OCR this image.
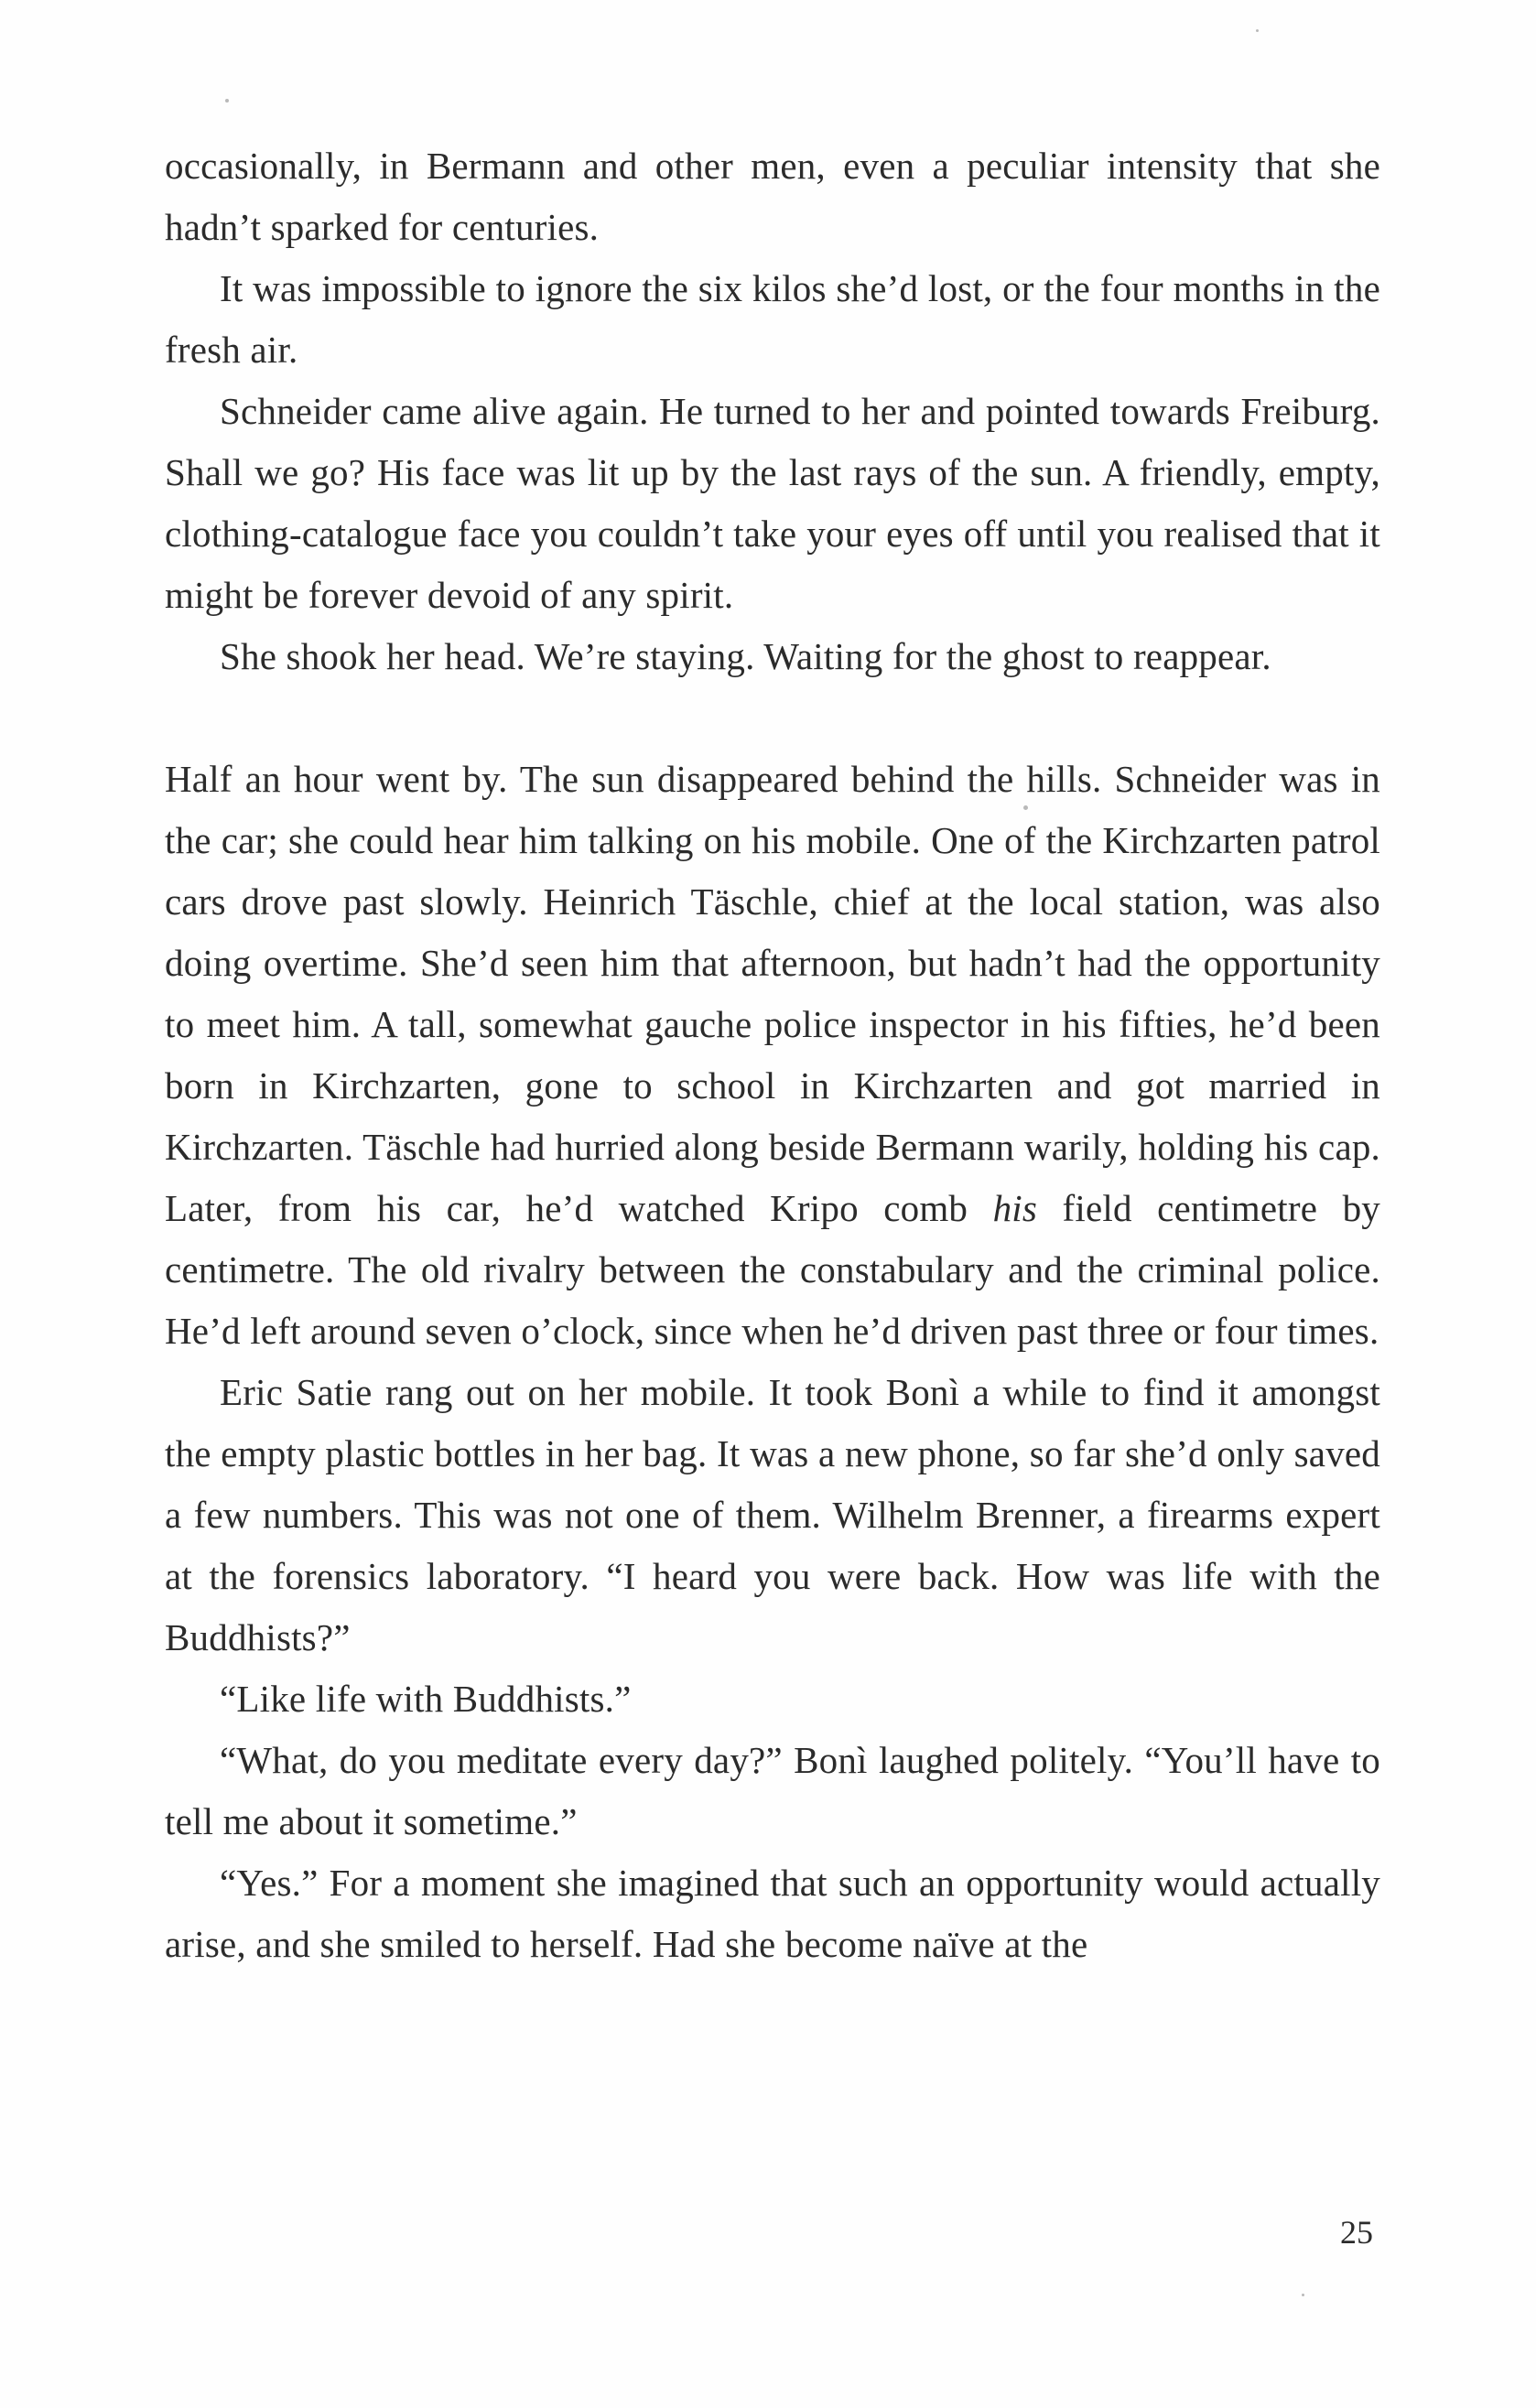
occasionally, in Bermann and other men, even a peculiar intensity that she hadn’t sparked for centuries.

It was impossible to ignore the six kilos she’d lost, or the four months in the fresh air.

Schneider came alive again. He turned to her and pointed towards Freiburg. Shall we go? His face was lit up by the last rays of the sun. A friendly, empty, clothing-catalogue face you couldn’t take your eyes off until you realised that it might be forever devoid of any spirit.

She shook her head. We’re staying. Waiting for the ghost to reappear.

Half an hour went by. The sun disappeared behind the hills. Schneider was in the car; she could hear him talking on his mobile. One of the Kirchzarten patrol cars drove past slowly. Heinrich Täschle, chief at the local station, was also doing overtime. She’d seen him that afternoon, but hadn’t had the opportunity to meet him. A tall, somewhat gauche police inspector in his fifties, he’d been born in Kirchzarten, gone to school in Kirchzarten and got married in Kirchzarten. Täschle had hurried along beside Bermann warily, holding his cap. Later, from his car, he’d watched Kripo comb his field centimetre by centimetre. The old rivalry between the constabulary and the criminal police. He’d left around seven o’clock, since when he’d driven past three or four times.

Eric Satie rang out on her mobile. It took Bonì a while to find it amongst the empty plastic bottles in her bag. It was a new phone, so far she’d only saved a few numbers. This was not one of them. Wilhelm Brenner, a firearms expert at the forensics laboratory. “I heard you were back. How was life with the Buddhists?”

“Like life with Buddhists.”

“What, do you meditate every day?” Bonì laughed politely. “You’ll have to tell me about it sometime.”

“Yes.” For a moment she imagined that such an opportunity would actually arise, and she smiled to herself. Had she become naïve at the

25
